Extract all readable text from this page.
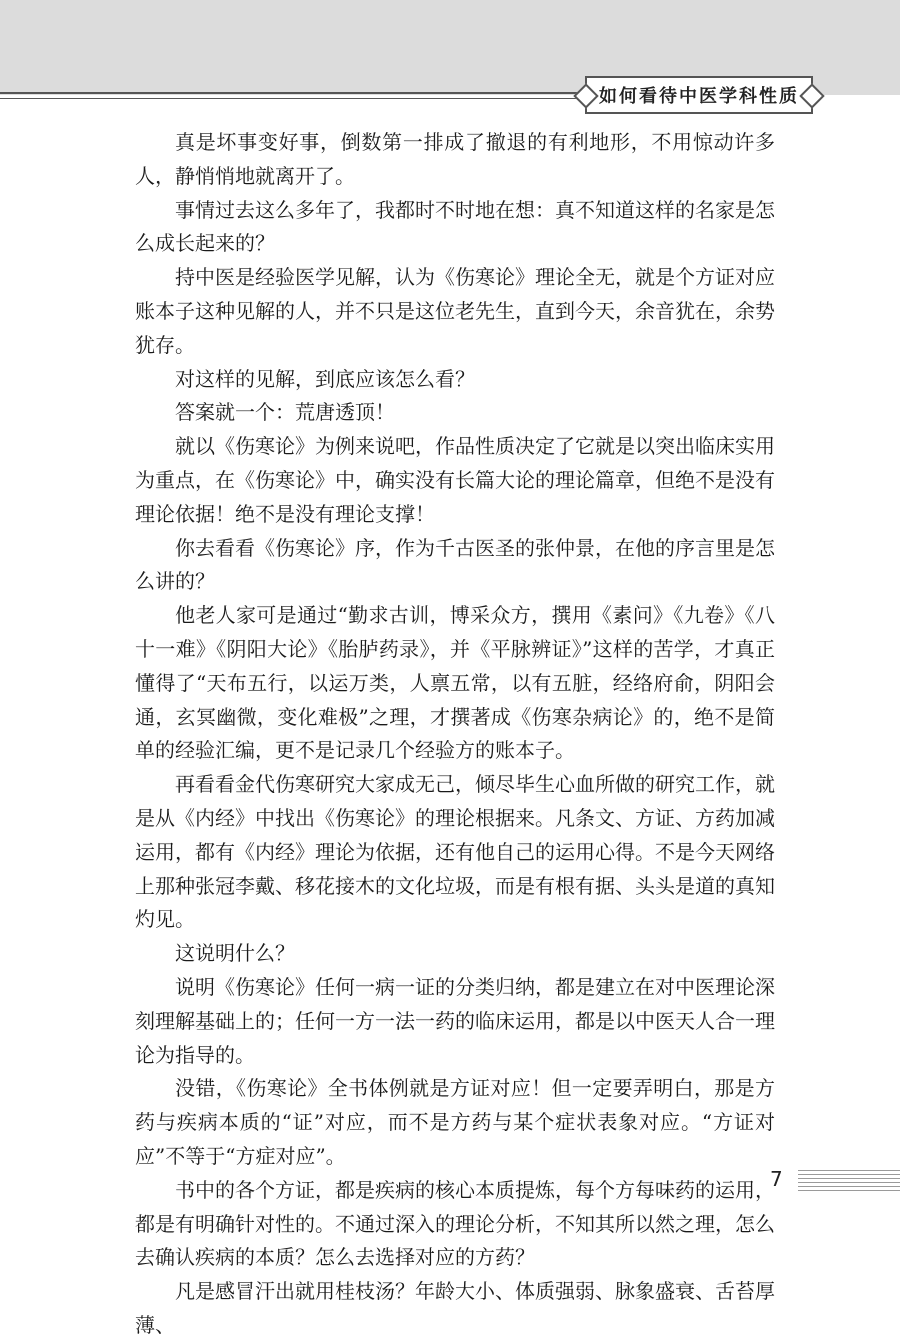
如何看待中医学科性质

真是坏事变好事，倒数第一排成了撤退的有利地形，不用惊动许多人，静悄悄地就离开了。

事情过去这么多年了，我都时不时地在想：真不知道这样的名家是怎么成长起来的？

持中医是经验医学见解，认为《伤寒论》理论全无，就是个方证对应账本子这种见解的人，并不只是这位老先生，直到今天，余音犹在，余势犹存。

对这样的见解，到底应该怎么看？

答案就一个：荒唐透顶！

就以《伤寒论》为例来说吧，作品性质决定了它就是以突出临床实用为重点，在《伤寒论》中，确实没有长篇大论的理论篇章，但绝不是没有理论依据！绝不是没有理论支撑！

你去看看《伤寒论》序，作为千古医圣的张仲景，在他的序言里是怎么讲的？

他老人家可是通过“勤求古训，博采众方，撰用《素问》《九卷》《八十一难》《阴阳大论》《胎胪药录》，并《平脉辨证》”这样的苦学，才真正懂得了“天布五行，以运万类，人禀五常，以有五脏，经络府俞，阴阳会通，玄冥幽微，变化难极”之理，才撰著成《伤寒杂病论》的，绝不是简单的经验汇编，更不是记录几个经验方的账本子。

再看看金代伤寒研究大家成无己，倾尽毕生心血所做的研究工作，就是从《内经》中找出《伤寒论》的理论根据来。凡条文、方证、方药加减运用，都有《内经》理论为依据，还有他自己的运用心得。不是今天网络上那种张冠李戴、移花接木的文化垃圾，而是有根有据、头头是道的真知灼见。

这说明什么？

说明《伤寒论》任何一病一证的分类归纳，都是建立在对中医理论深刻理解基础上的；任何一方一法一药的临床运用，都是以中医天人合一理论为指导的。

没错，《伤寒论》全书体例就是方证对应！但一定要弄明白，那是方药与疾病本质的“证”对应，而不是方药与某个症状表象对应。“方证对应”不等于“方症对应”。

书中的各个方证，都是疾病的核心本质提炼，每个方每味药的运用，都是有明确针对性的。不通过深入的理论分析，不知其所以然之理，怎么去确认疾病的本质？怎么去选择对应的方药？

凡是感冒汗出就用桂枝汤？年龄大小、体质强弱、脉象盛衰、舌苔厚薄、

7
